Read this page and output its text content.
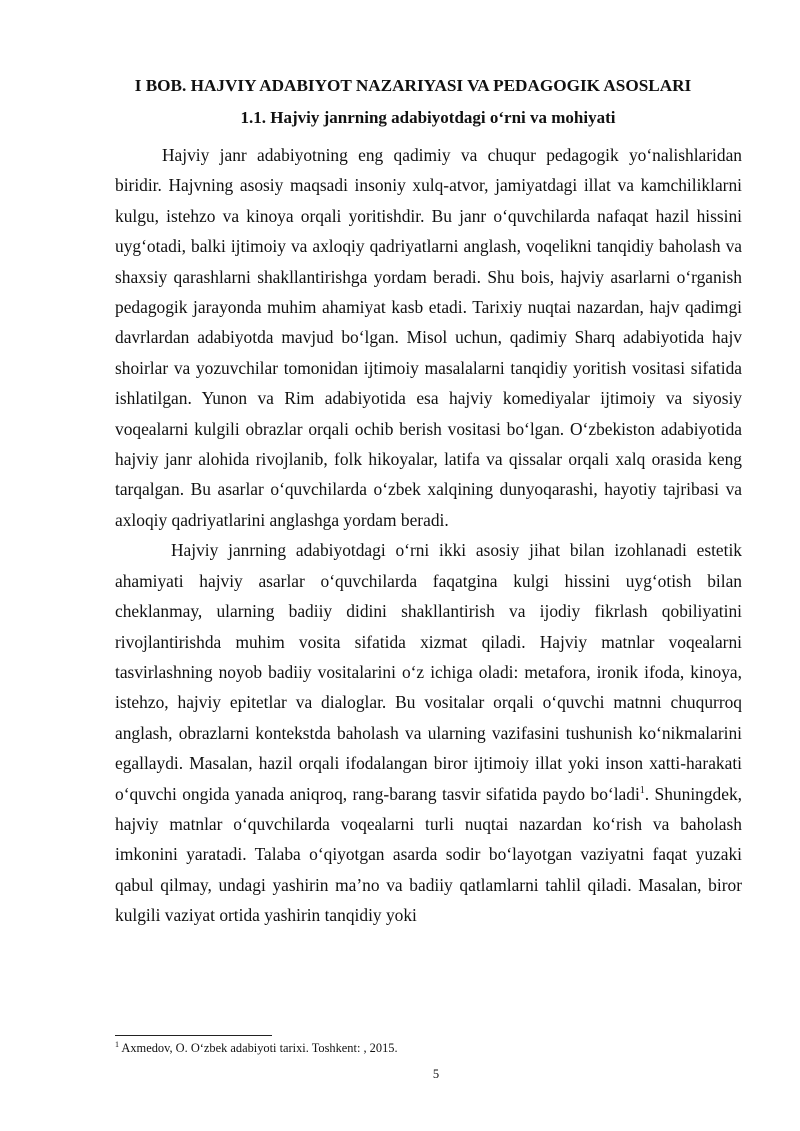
I BOB. HAJVIY ADABIYOT NAZARIYASI VA PEDAGOGIK ASOSLARI
1.1. Hajviy janrning adabiyotdagi o‘rni va mohiyati

Hajviy janr adabiyotning eng qadimiy va chuqur pedagogik yo‘nalishlaridan biridir. Hajvning asosiy maqsadi insoniy xulq-atvor, jamiyatdagi illat va kamchiliklarni kulgu, istehzo va kinoya orqali yoritishdir. Bu janr o‘quvchilarda nafaqat hazil hissini uyg‘otadi, balki ijtimoiy va axloqiy qadriyatlarni anglash, voqelikni tanqidiy baholash va shaxsiy qarashlarni shakllantirishga yordam beradi. Shu bois, hajviy asarlarni o‘rganish pedagogik jarayonda muhim ahamiyat kasb etadi. Tarixiy nuqtai nazardan, hajv qadimgi davrlardan adabiyotda mavjud bo‘lgan. Misol uchun, qadimiy Sharq adabiyotida hajv shoirlar va yozuvchilar tomonidan ijtimoiy masalalarni tanqidiy yoritish vositasi sifatida ishlatilgan. Yunon va Rim adabiyotida esa hajviy komediyalar ijtimoiy va siyosiy voqealarni kulgili obrazlar orqali ochib berish vositasi bo‘lgan. O‘zbekiston adabiyotida hajviy janr alohida rivojlanib, folk hikoyalar, latifa va qissalar orqali xalq orasida keng tarqalgan. Bu asarlar o‘quvchilarda o‘zbek xalqining dunyoqarashi, hayotiy tajribasi va axloqiy qadriyatlarini anglashga yordam beradi.

Hajviy janrning adabiyotdagi o‘rni ikki asosiy jihat bilan izohlanadi estetik ahamiyati hajviy asarlar o‘quvchilarda faqatgina kulgi hissini uyg‘otish bilan cheklanmay, ularning badiiy didini shakllantirish va ijodiy fikrlash qobiliyatini rivojlantirishda muhim vosita sifatida xizmat qiladi. Hajviy matnlar voqealarni tasvirlashning noyob badiiy vositalarini o‘z ichiga oladi: metafora, ironik ifoda, kinoya, istehzo, hajviy epitetlar va dialoglar. Bu vositalar orqali o‘quvchi matnni chuqurroq anglash, obrazlarni kontekstda baholash va ularning vazifasini tushunish ko‘nikmalarini egallaydi. Masalan, hazil orqali ifodalangan biror ijtimoiy illat yoki inson xatti-harakati o‘quvchi ongida yanada aniqroq, rang-barang tasvir sifatida paydo bo‘ladi$^1$. Shuningdek, hajviy matnlar o‘quvchilarda voqealarni turli nuqtai nazardan ko‘rish va baholash imkonini yaratadi. Talaba o‘qiyotgan asarda sodir bo‘layotgan vaziyatni faqat yuzaki qabul qilmay, undagi yashirin ma’no va badiiy qatlamlarni tahlil qiladi. Masalan, biror kulgili vaziyat ortida yashirin tanqidiy yoki

$^1$ Axmedov, O. O‘zbek adabiyoti tarixi. Toshkent: , 2015.
5
